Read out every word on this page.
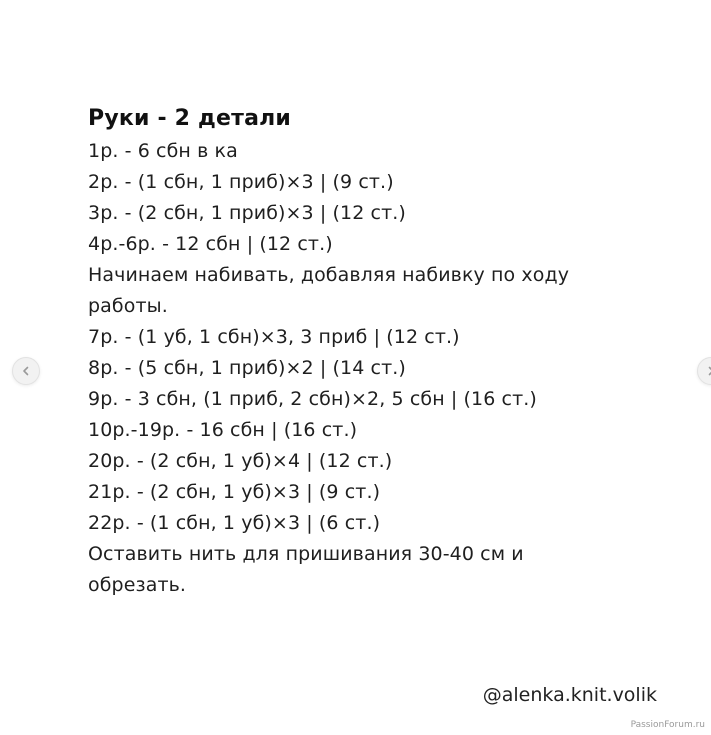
Руки - 2 детали
1р. - 6 сбн в ка
2р. - (1 сбн, 1 приб)×3 | (9 ст.)
3р. - (2 сбн, 1 приб)×3 | (12 ст.)
4р.-6р. - 12 сбн | (12 ст.)
Начинаем набивать, добавляя набивку по ходу
работы.
7р. - (1 уб, 1 сбн)×3, 3 приб | (12 ст.)
8р. - (5 сбн, 1 приб)×2 | (14 ст.)
9р. - 3 сбн, (1 приб, 2 сбн)×2, 5 сбн | (16 ст.)
10р.-19р. - 16 сбн | (16 ст.)
20р. - (2 сбн, 1 уб)×4 | (12 ст.)
21р. - (2 сбн, 1 уб)×3 | (9 ст.)
22р. - (1 сбн, 1 уб)×3 | (6 ст.)
Оставить нить для пришивания 30-40 см и
обрезать.
@alenka.knit.volik
PassionForum.ru
